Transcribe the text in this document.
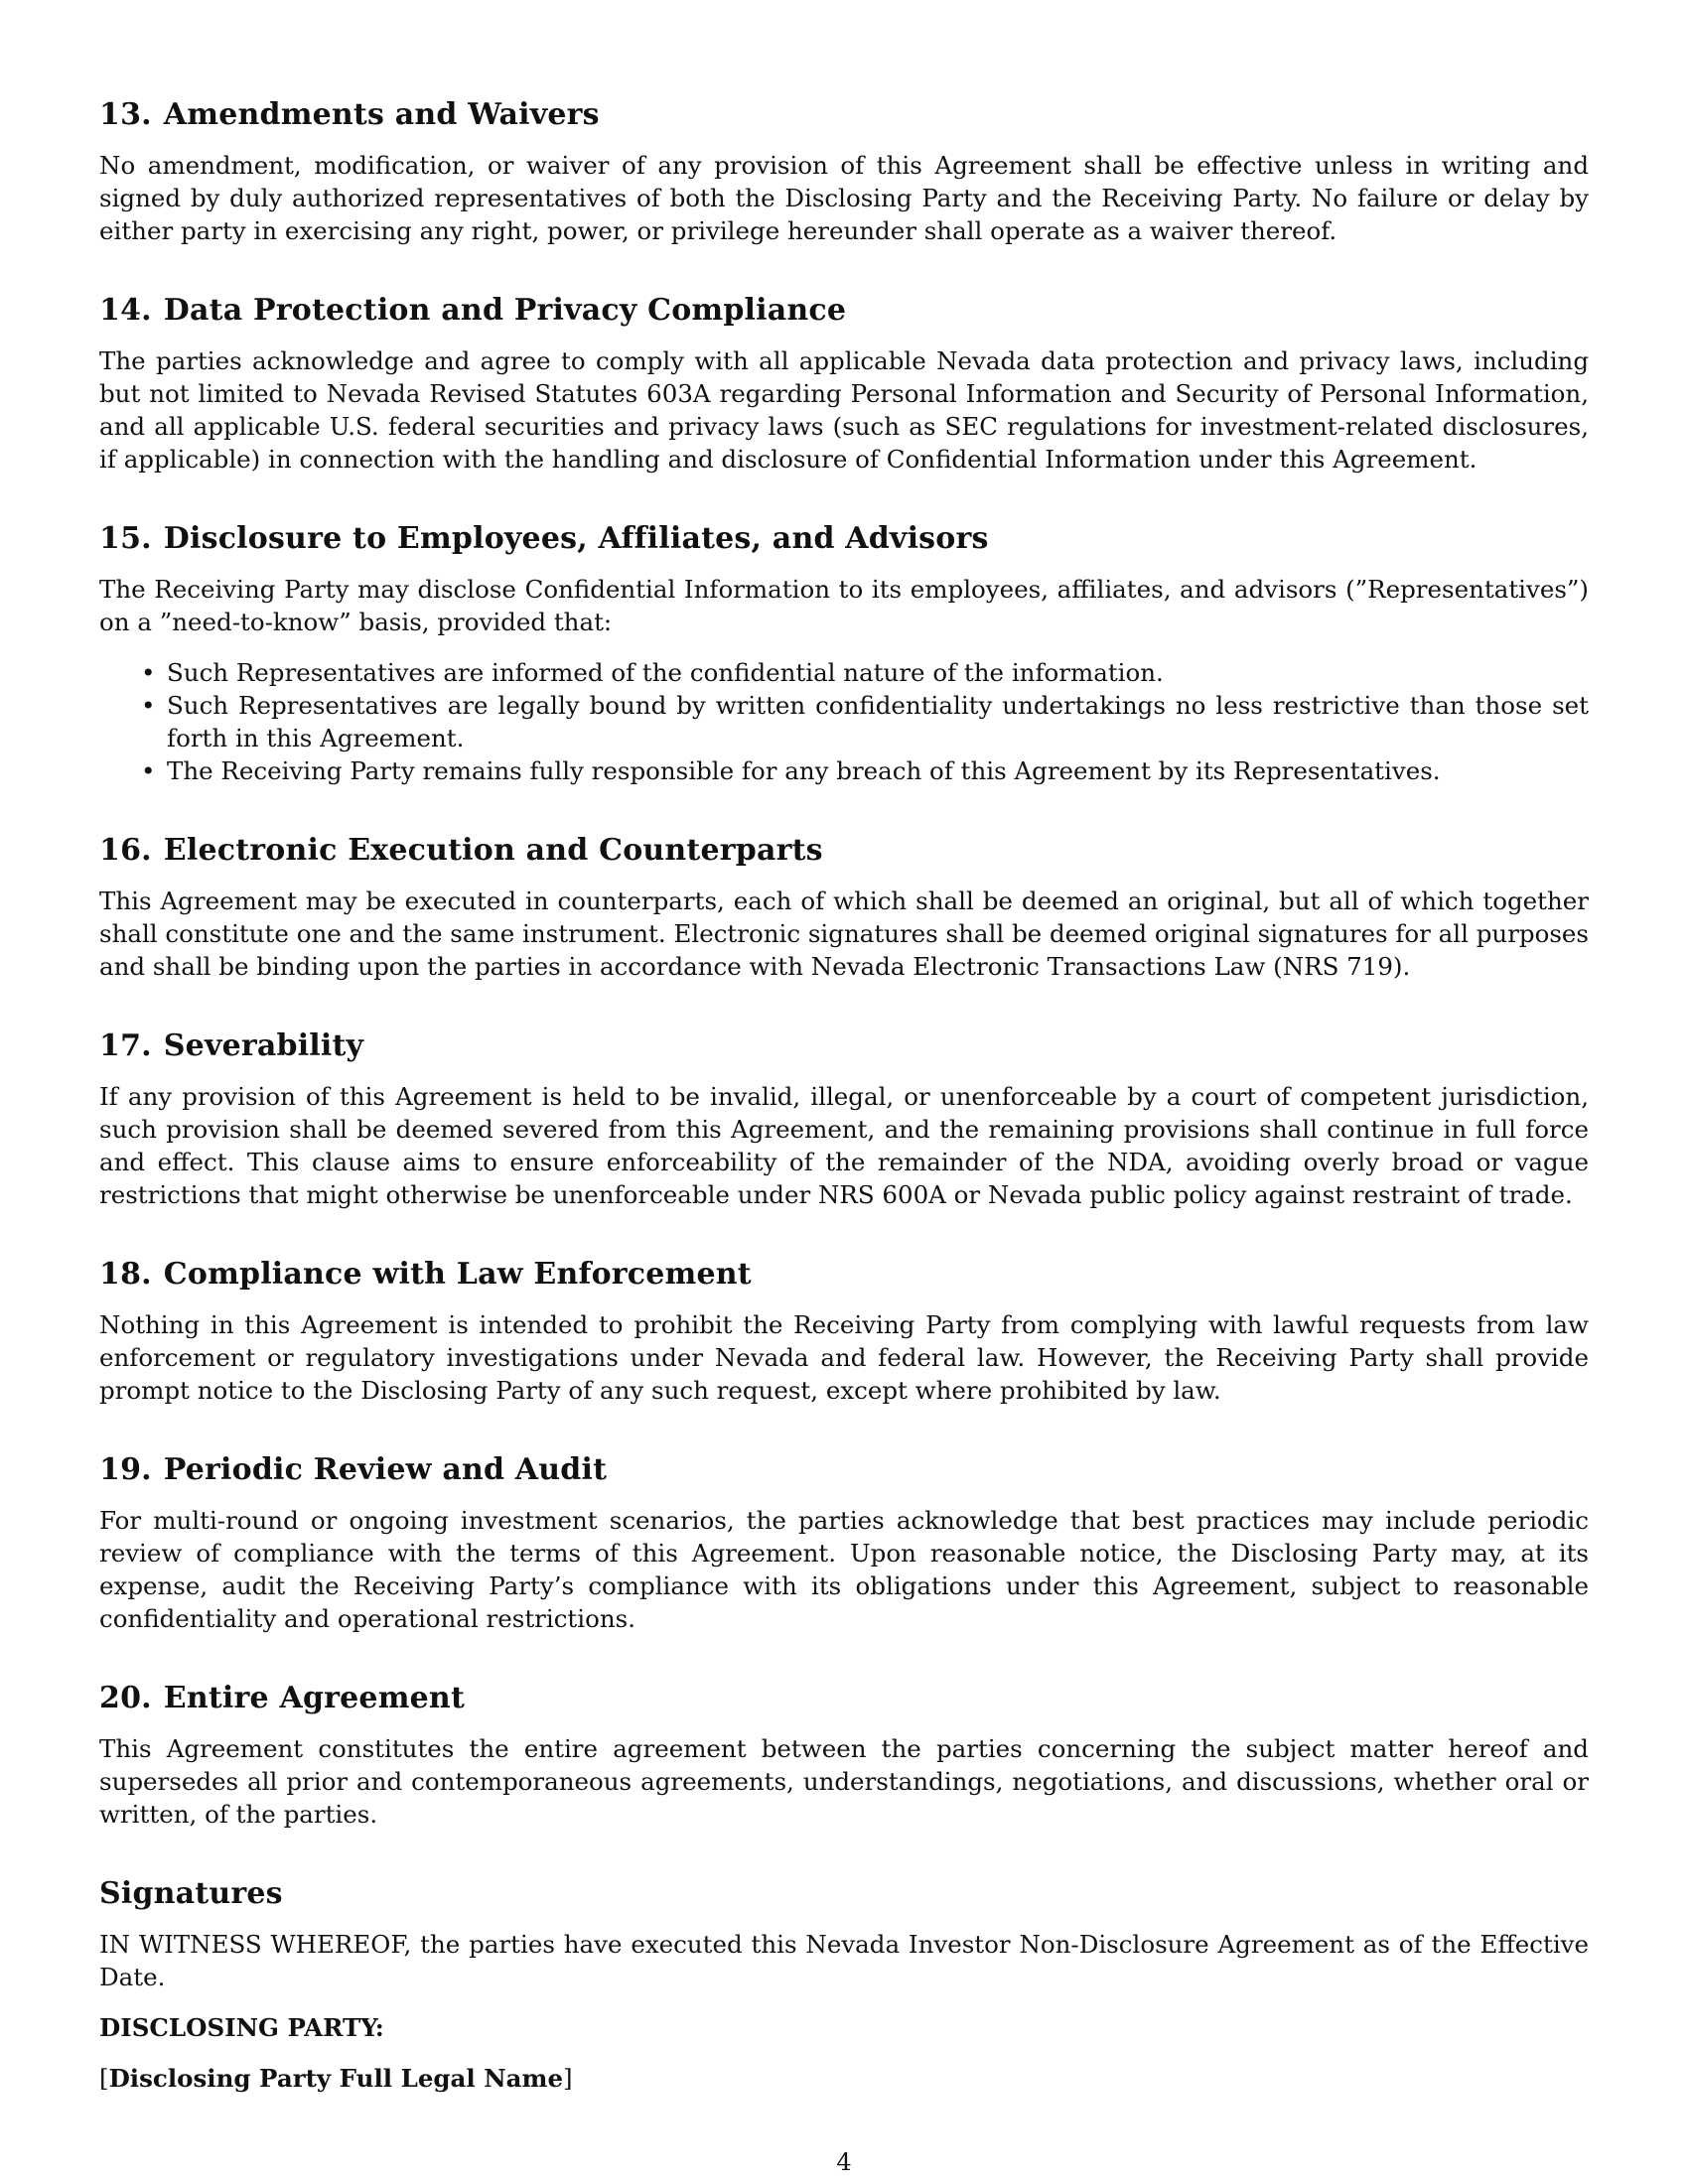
13. Amendments and Waivers

No amendment, modification, or waiver of any provision of this Agreement shall be effective unless in writing and signed by duly authorized representatives of both the Disclosing Party and the Receiving Party. No failure or delay by either party in exercising any right, power, or privilege hereunder shall operate as a waiver thereof.

14. Data Protection and Privacy Compliance

The parties acknowledge and agree to comply with all applicable Nevada data protection and privacy laws, including but not limited to Nevada Revised Statutes 603A regarding Personal Information and Security of Personal Information, and all applicable U.S. federal securities and privacy laws (such as SEC regulations for investment-related disclosures, if applicable) in connection with the handling and disclosure of Confidential Information under this Agreement.

15. Disclosure to Employees, Affiliates, and Advisors

The Receiving Party may disclose Confidential Information to its employees, affiliates, and advisors (”Representatives”) on a ”need-to-know” basis, provided that:

• Such Representatives are informed of the confidential nature of the information.
• Such Representatives are legally bound by written confidentiality undertakings no less restrictive than those set forth in this Agreement.
• The Receiving Party remains fully responsible for any breach of this Agreement by its Representatives.
16. Electronic Execution and Counterparts

This Agreement may be executed in counterparts, each of which shall be deemed an original, but all of which together shall constitute one and the same instrument. Electronic signatures shall be deemed original signatures for all purposes and shall be binding upon the parties in accordance with Nevada Electronic Transactions Law (NRS 719).

17. Severability

If any provision of this Agreement is held to be invalid, illegal, or unenforceable by a court of competent jurisdiction, such provision shall be deemed severed from this Agreement, and the remaining provisions shall continue in full force and effect. This clause aims to ensure enforceability of the remainder of the NDA, avoiding overly broad or vague restrictions that might otherwise be unenforceable under NRS 600A or Nevada public policy against restraint of trade.

18. Compliance with Law Enforcement

Nothing in this Agreement is intended to prohibit the Receiving Party from complying with lawful requests from law enforcement or regulatory investigations under Nevada and federal law. However, the Receiving Party shall provide prompt notice to the Disclosing Party of any such request, except where prohibited by law.

19. Periodic Review and Audit

For multi-round or ongoing investment scenarios, the parties acknowledge that best practices may include periodic review of compliance with the terms of this Agreement. Upon reasonable notice, the Disclosing Party may, at its expense, audit the Receiving Party’s compliance with its obligations under this Agreement, subject to reasonable confidentiality and operational restrictions.

20. Entire Agreement

This Agreement constitutes the entire agreement between the parties concerning the subject matter hereof and supersedes all prior and contemporaneous agreements, understandings, negotiations, and discussions, whether oral or written, of the parties.

Signatures

IN WITNESS WHEREOF, the parties have executed this Nevada Investor Non-Disclosure Agreement as of the Effective Date.

DISCLOSING PARTY:
[Disclosing Party Full Legal Name]
4
